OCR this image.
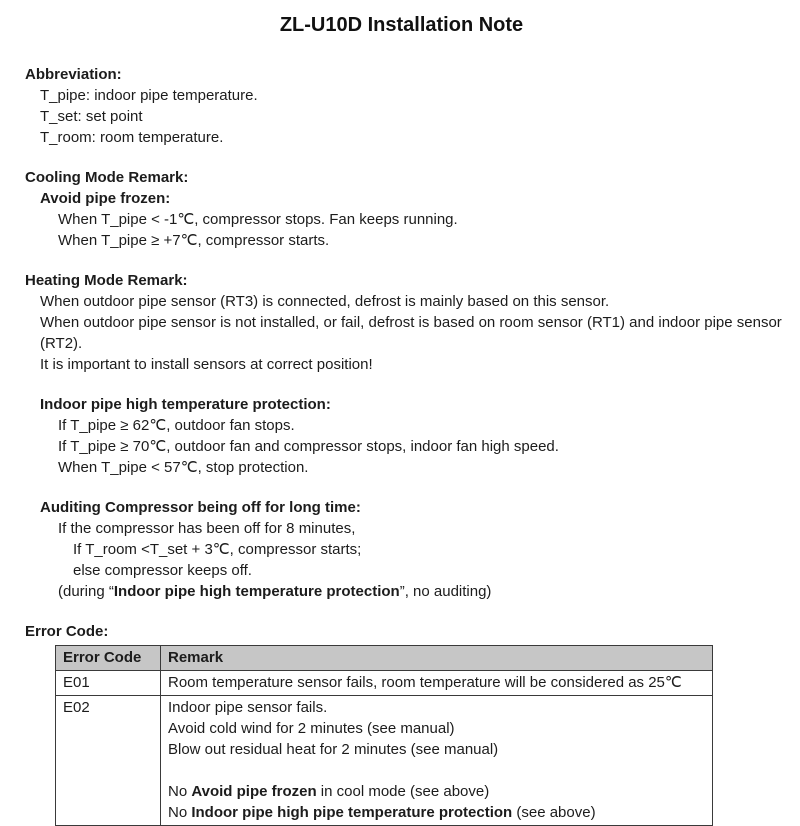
ZL-U10D Installation Note
Abbreviation:
T_pipe: indoor pipe temperature.
T_set: set point
T_room: room temperature.
Cooling Mode Remark:
Avoid pipe frozen:
When T_pipe < -1℃, compressor stops. Fan keeps running.
When T_pipe ≥ +7℃, compressor starts.
Heating Mode Remark:
When outdoor pipe sensor (RT3) is connected, defrost is mainly based on this sensor.
When outdoor pipe sensor is not installed, or fail, defrost is based on room sensor (RT1) and indoor pipe sensor
(RT2).
It is important to install sensors at correct position!
Indoor pipe high temperature protection:
If T_pipe ≥ 62℃, outdoor fan stops.
If T_pipe ≥ 70℃, outdoor fan and compressor stops, indoor fan high speed.
When T_pipe < 57℃, stop protection.
Auditing Compressor being off for long time:
If the compressor has been off for 8 minutes,
If T_room <T_set + 3℃, compressor starts;
else compressor keeps off.
(during “Indoor pipe high temperature protection”, no auditing)
Error Code:
Error Code	Remark
E01	Room temperature sensor fails, room temperature will be considered as 25℃
E02	Indoor pipe sensor fails.
Avoid cold wind for 2 minutes (see manual)
Blow out residual heat for 2 minutes (see manual)
No Avoid pipe frozen in cool mode (see above)
No Indoor pipe high pipe temperature protection (see above)
